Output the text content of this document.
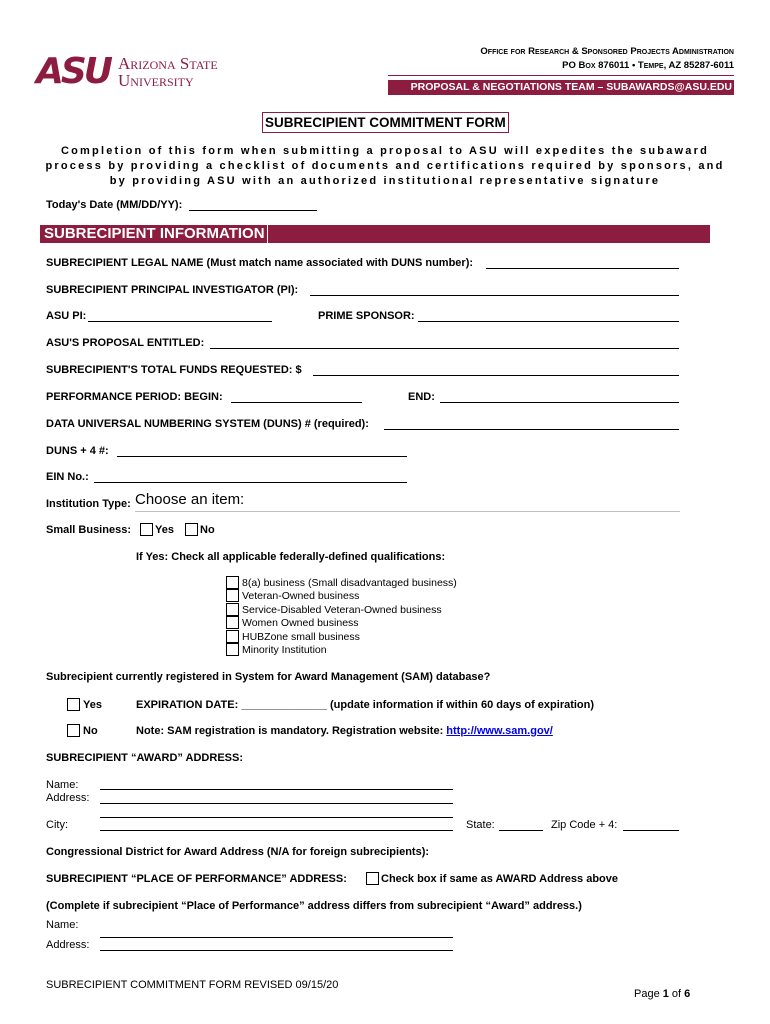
ASU Arizona State
University
Office for Research & Sponsored Projects Administration
PO Box 876011 • Tempe, AZ 85287-6011
PROPOSAL & NEGOTIATIONS TEAM – SUBAWARDS@ASU.EDU
SUBRECIPIENT COMMITMENT FORM
Completion of this form when submitting a proposal to ASU will expedites the subaward process by providing a checklist of documents and certifications required by sponsors, and by providing ASU with an authorized institutional representative signature
Today's Date (MM/DD/YY):
SUBRECIPIENT INFORMATION
SUBRECIPIENT LEGAL NAME (Must match name associated with DUNS number):
SUBRECIPIENT PRINCIPAL INVESTIGATOR (PI):
ASU PI:	PRIME SPONSOR:
ASU'S PROPOSAL ENTITLED:
SUBRECIPIENT'S TOTAL FUNDS REQUESTED: $
PERFORMANCE PERIOD: BEGIN:	END:
DATA UNIVERSAL NUMBERING SYSTEM (DUNS) # (required):
DUNS + 4 #:
EIN No.:
Institution Type: Choose an item:
Small Business: Yes No
If Yes: Check all applicable federally-defined qualifications:
8(a) business (Small disadvantaged business)
Veteran-Owned business
Service-Disabled Veteran-Owned business
Women Owned business
HUBZone small business
Minority Institution
Subrecipient currently registered in System for Award Management (SAM) database?
Yes	EXPIRATION DATE: ______________ (update information if within 60 days of expiration)
No	Note: SAM registration is mandatory. Registration website: http://www.sam.gov/
SUBRECIPIENT “AWARD” ADDRESS:
Name:
Address:
City:	State:	Zip Code + 4:
Congressional District for Award Address (N/A for foreign subrecipients):
SUBRECIPIENT “PLACE OF PERFORMANCE” ADDRESS:	Check box if same as AWARD Address above
(Complete if subrecipient “Place of Performance” address differs from subrecipient “Award” address.)
Name:
Address:
SUBRECIPIENT COMMITMENT FORM REVISED 09/15/20
Page 1 of 6
